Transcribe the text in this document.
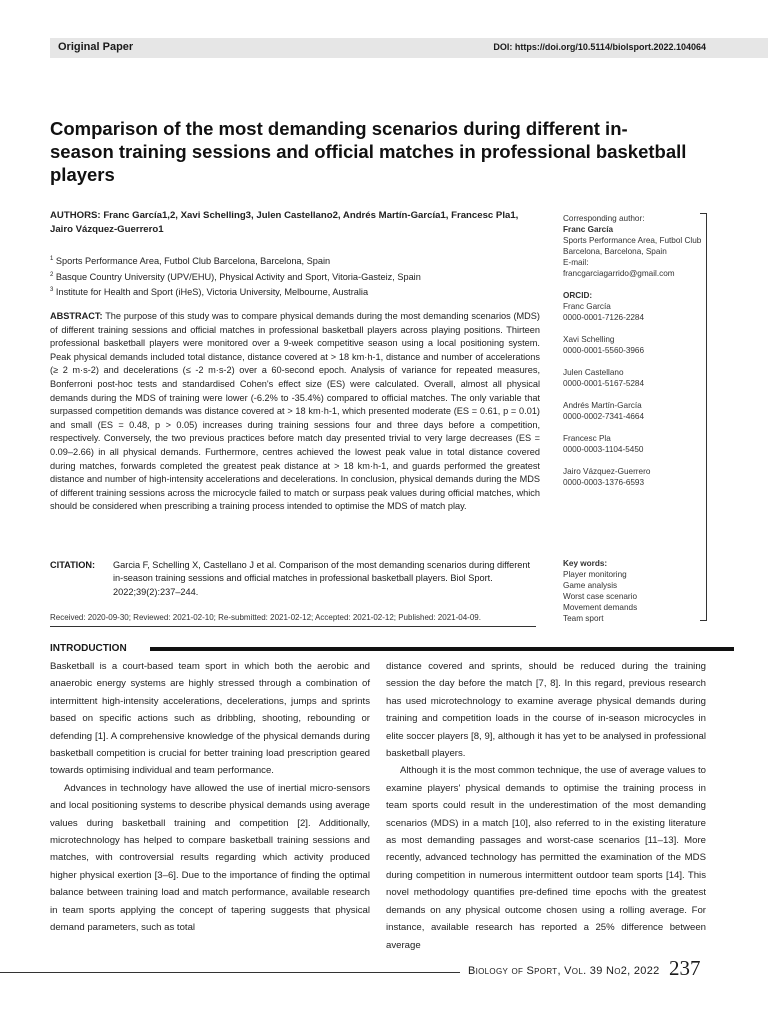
Original Paper	DOI: https://doi.org/10.5114/biolsport.2022.104064
Comparison of the most demanding scenarios during different in-season training sessions and official matches in professional basketball players
AUTHORS: Franc García1,2, Xavi Schelling3, Julen Castellano2, Andrés Martín-García1, Francesc Pla1, Jairo Vázquez-Guerrero1
$^1$ Sports Performance Area, Futbol Club Barcelona, Barcelona, Spain
$^2$ Basque Country University (UPV/EHU), Physical Activity and Sport, Vitoria-Gasteiz, Spain
$^3$ Institute for Health and Sport (iHeS), Victoria University, Melbourne, Australia
ABSTRACT: The purpose of this study was to compare physical demands during the most demanding scenarios (MDS) of different training sessions and official matches in professional basketball players across playing positions. Thirteen professional basketball players were monitored over a 9-week competitive season using a local positioning system. Peak physical demands included total distance, distance covered at > 18 km·h-1, distance and number of accelerations (≥ 2 m·s-2) and decelerations (≤ -2 m·s-2) over a 60-second epoch. Analysis of variance for repeated measures, Bonferroni post-hoc tests and standardised Cohen's effect size (ES) were calculated. Overall, almost all physical demands during the MDS of training were lower (-6.2% to -35.4%) compared to official matches. The only variable that surpassed competition demands was distance covered at > 18 km·h-1, which presented moderate (ES = 0.61, p = 0.01) and small (ES = 0.48, p > 0.05) increases during training sessions four and three days before a competition, respectively. Conversely, the two previous practices before match day presented trivial to very large decreases (ES = 0.09–2.66) in all physical demands. Furthermore, centres achieved the lowest peak value in total distance covered during matches, forwards completed the greatest peak distance at > 18 km·h-1, and guards performed the greatest distance and number of high-intensity accelerations and decelerations. In conclusion, physical demands during the MDS of different training sessions across the microcycle failed to match or surpass peak values during official matches, which should be considered when prescribing a training process intended to optimise the MDS of match play.
CITATION: Garcia F, Schelling X, Castellano J et al. Comparison of the most demanding scenarios during different in-season training sessions and official matches in professional basketball players. Biol Sport. 2022;39(2):237–244.
Received: 2020-09-30; Reviewed: 2021-02-10; Re-submitted: 2021-02-12; Accepted: 2021-02-12; Published: 2021-04-09.
Corresponding author:
Franc García
Sports Performance Area, Futbol Club Barcelona, Barcelona, Spain
E-mail:
francgarciagarrido@gmail.com
ORCID:
Franc García
0000-0001-7126-2284
Xavi Schelling
0000-0001-5560-3966
Julen Castellano
0000-0001-5167-5284
Andrés Martín-García
0000-0002-7341-4664
Francesc Pla
0000-0003-1104-5450
Jairo Vázquez-Guerrero
0000-0003-1376-6593
Key words:
Player monitoring
Game analysis
Worst case scenario
Movement demands
Team sport
INTRODUCTION

Basketball is a court-based team sport in which both the aerobic and anaerobic energy systems are highly stressed through a combination of intermittent high-intensity accelerations, decelerations, jumps and sprints based on specific actions such as dribbling, shooting, rebounding or defending [1]. A comprehensive knowledge of the physical demands during basketball competition is crucial for better training load prescription geared towards optimising individual and team performance.

Advances in technology have allowed the use of inertial micro-sensors and local positioning systems to describe physical demands using average values during basketball training and competition [2]. Additionally, microtechnology has helped to compare basketball training sessions and matches, with controversial results regarding which activity produced higher physical exertion [3–6]. Due to the importance of finding the optimal balance between training load and match performance, available research in team sports applying the concept of tapering suggests that physical demand parameters, such as total

distance covered and sprints, should be reduced during the training session the day before the match [7, 8]. In this regard, previous research has used microtechnology to examine average physical demands during training and competition loads in the course of in-season microcycles in elite soccer players [8, 9], although it has yet to be analysed in professional basketball players.

Although it is the most common technique, the use of average values to examine players' physical demands to optimise the training process in team sports could result in the underestimation of the most demanding scenarios (MDS) in a match [10], also referred to in the existing literature as most demanding passages and worst-case scenarios [11–13]. More recently, advanced technology has permitted the examination of the MDS during competition in numerous intermittent outdoor team sports [14]. This novel methodology quantifies pre-defined time epochs with the greatest demands on any physical outcome chosen using a rolling average. For instance, available research has reported a 25% difference between average

Biology of Sport, Vol. 39 No2, 2022 237
